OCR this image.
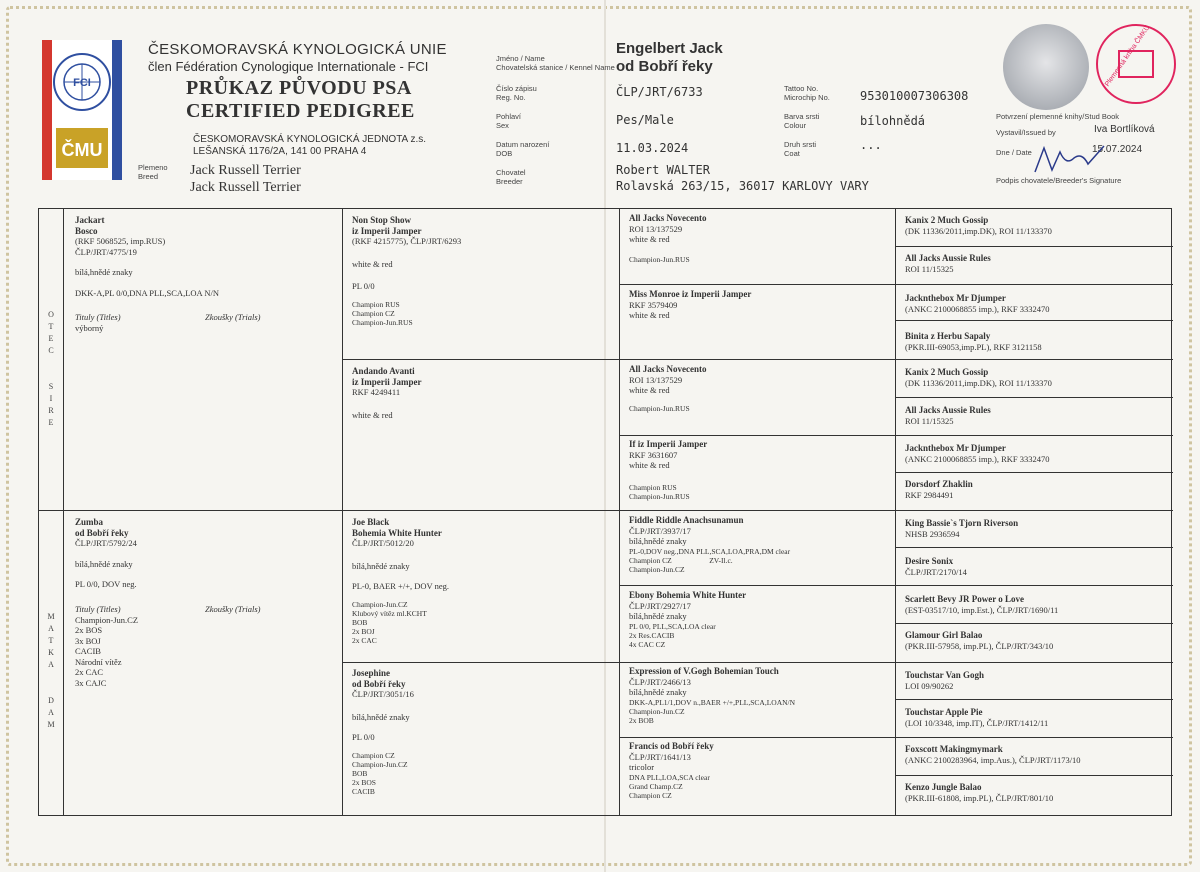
FCI
ČMU
ČESKOMORAVSKÁ KYNOLOGICKÁ UNIE
člen Fédération Cynologique Internationale - FCI
PRŮKAZ PŮVODU PSA
CERTIFIED PEDIGREE
ČESKOMORAVSKÁ KYNOLOGICKÁ JEDNOTA z.s.
LEŠANSKÁ 1176/2A, 141 00 PRAHA 4
Plemeno
Breed	Jack Russell Terrier
Jack Russell Terrier
Jméno / Name
Chovatelská stanice / Kennel Name
Engelbert Jack
od Bobří řeky
Číslo zápisu
Reg. No.	ČLP/JRT/6733
Pohlaví
Sex	Pes/Male
Datum narození
DOB	11.03.2024
Chovatel
Breeder
Robert WALTER
Rolavská 263/15, 36017 KARLOVY VARY
Tattoo No.
Microchip No.	953010007306308
Barva srsti
Colour	bílohnědá
Druh srsti
Coat
...
Plemenná kniha ČMKU
Potvrzení plemenné knihy/Stud Book
Vystavil/Issued by	Iva Bortlíková
Dne / Date	15.07.2024
Podpis chovatele/Breeder's Signature
O
T
E
C

S
I
R
E
M
A
T
K
A

D
A
M
Jackart
Bosco
(RKF 5068525, imp.RUS)
ČLP/JRT/4775/19
bílá,hnědé znaky
DKK-A,PL 0/0,DNA PLL,SCA,LOA N/N
Tituly (Titles)	Zkoušky (Trials)
výborný
Zumba
od Bobří řeky
ČLP/JRT/5792/24
bílá,hnědé znaky
PL 0/0, DOV neg.
Tituly (Titles)	Zkoušky (Trials)
Champion-Jun.CZ
2x BOS
3x BOJ
CACIB
Národní vítěz
2x CAC
3x CAJC
Non Stop Show
iz Imperii Jamper
(RKF 4215775), ČLP/JRT/6293
white & red
PL 0/0
Champion RUS
Champion CZ
Champion-Jun.RUS
Andando Avanti
iz Imperii Jamper
RKF 4249411
white & red
Joe Black
Bohemia White Hunter
ČLP/JRT/5012/20
bílá,hnědé znaky
PL-0, BAER +/+, DOV neg.
Champion-Jun.CZ
Klubový vítěz ml.KCHT
BOB
2x BOJ
2x CAC
Josephine
od Bobří řeky
ČLP/JRT/3051/16
bílá,hnědé znaky
PL 0/0
Champion CZ
Champion-Jun.CZ
BOB
2x BOS
CACIB
All Jacks Novecento
ROI 13/137529
white & red
Champion-Jun.RUS
Miss Monroe iz Imperii Jamper
RKF 3579409
white & red
All Jacks Novecento
ROI 13/137529
white & red
Champion-Jun.RUS
If iz Imperii Jamper
RKF 3631607
white & red
Champion RUS
Champion-Jun.RUS
Fiddle Riddle Anachsunamun
ČLP/JRT/3937/17
bílá,hnědé znaky
PL-0,DOV neg.,DNA PLL,SCA,LOA,PRA,DM clear
Champion CZ                    ZV-Il.c.
Champion-Jun.CZ
Ebony Bohemia White Hunter
ČLP/JRT/2927/17
bílá,hnědé znaky
PL 0/0, PLL,SCA,LOA clear
2x Res.CACIB
4x CAC CZ
Expression of V.Gogh Bohemian Touch
ČLP/JRT/2466/13
bílá,hnědé znaky
DKK-A,PL1/1,DOV n.,BAER +/+,PLL,SCA,LOAN/N
Champion-Jun.CZ
2x BOB
Francis od Bobří řeky
ČLP/JRT/1641/13
tricolor
DNA PLL,LOA,SCA clear
Grand Champ.CZ
Champion CZ
Kanix 2 Much Gossip
(DK 11336/2011,imp.DK), ROI 11/133370
All Jacks Aussie Rules
ROI 11/15325
Jacknthebox Mr Djumper
(ANKC 2100068855 imp.), RKF 3332470
Binita z Herbu Sapaly
(PKR.III-69053,imp.PL), RKF 3121158
Kanix 2 Much Gossip
(DK 11336/2011,imp.DK), ROI 11/133370
All Jacks Aussie Rules
ROI 11/15325
Jacknthebox Mr Djumper
(ANKC 2100068855 imp.), RKF 3332470
Dorsdorf Zhaklin
RKF 2984491
King Bassie`s Tjorn Riverson
NHSB 2936594
Desire Sonix
ČLP/JRT/2170/14
Scarlett Bevy JR Power o Love
(EST-03517/10, imp.Est.), ČLP/JRT/1690/11
Glamour Girl Balao
(PKR.III-57958, imp.PL), ČLP/JRT/343/10
Touchstar Van Gogh
LOI 09/90262
Touchstar Apple Pie
(LOI 10/3348, imp.IT), ČLP/JRT/1412/11
Foxscott Makingmymark
(ANKC 2100283964, imp.Aus.), ČLP/JRT/1173/10
Kenzo Jungle Balao
(PKR.III-61808, imp.PL), ČLP/JRT/801/10
